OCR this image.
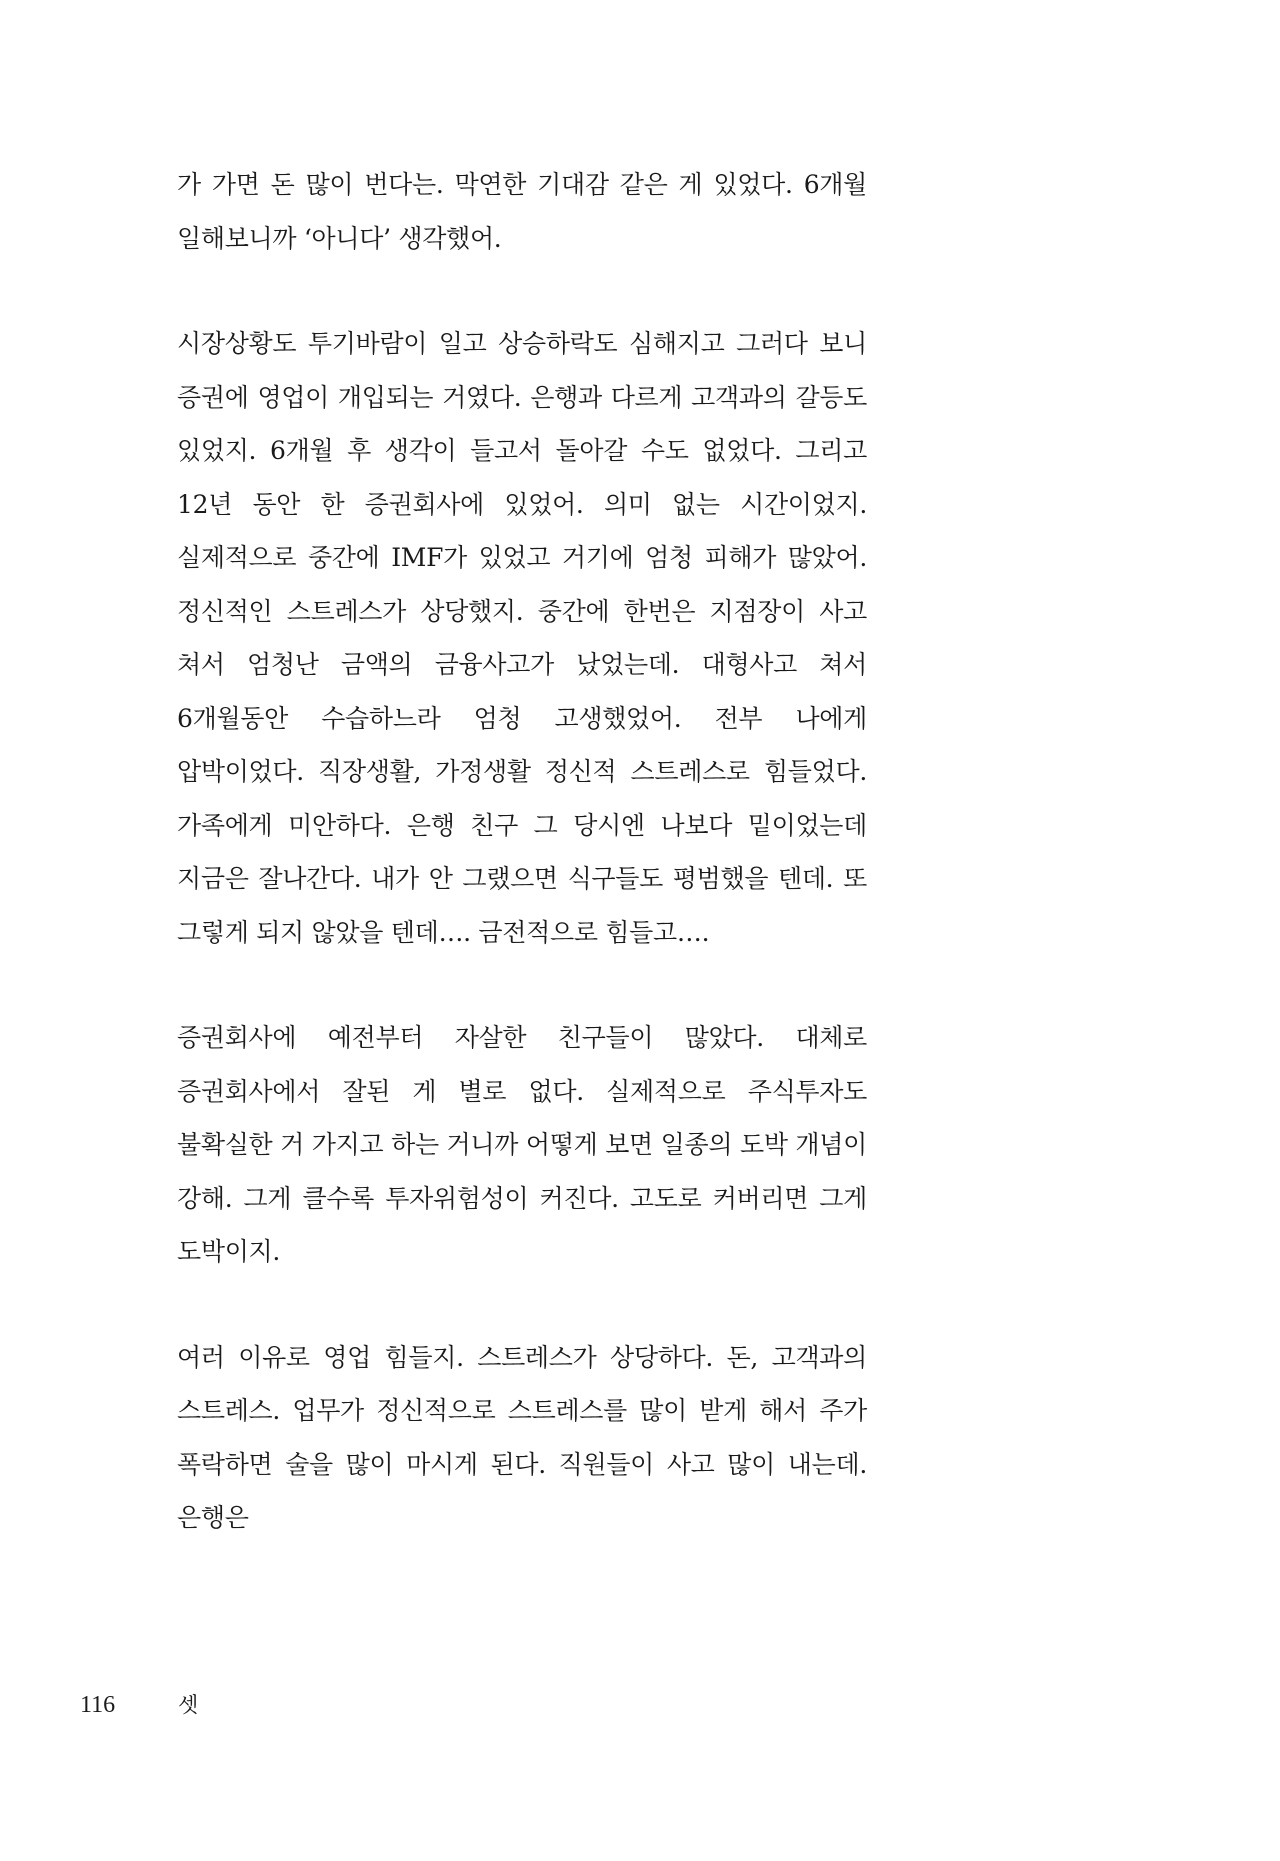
가 가면 돈 많이 번다는. 막연한 기대감 같은 게 있었다. 6개월 일해보니까 ‘아니다’ 생각했어.

시장상황도 투기바람이 일고 상승하락도 심해지고 그러다 보니 증권에 영업이 개입되는 거였다. 은행과 다르게 고객과의 갈등도 있었지. 6개월 후 생각이 들고서 돌아갈 수도 없었다. 그리고 12년 동안 한 증권회사에 있었어. 의미 없는 시간이었지. 실제적으로 중간에 IMF가 있었고 거기에 엄청 피해가 많았어. 정신적인 스트레스가 상당했지. 중간에 한번은 지점장이 사고 쳐서 엄청난 금액의 금융사고가 났었는데. 대형사고 쳐서 6개월동안 수습하느라 엄청 고생했었어. 전부 나에게 압박이었다. 직장생활, 가정생활 정신적 스트레스로 힘들었다. 가족에게 미안하다. 은행 친구 그 당시엔 나보다 밑이었는데 지금은 잘나간다. 내가 안 그랬으면 식구들도 평범했을 텐데. 또 그렇게 되지 않았을 텐데…. 금전적으로 힘들고….

증권회사에 예전부터 자살한 친구들이 많았다. 대체로 증권회사에서 잘된 게 별로 없다. 실제적으로 주식투자도 불확실한 거 가지고 하는 거니까 어떻게 보면 일종의 도박 개념이 강해. 그게 클수록 투자위험성이 커진다. 고도로 커버리면 그게 도박이지.

여러 이유로 영업 힘들지. 스트레스가 상당하다. 돈, 고객과의 스트레스. 업무가 정신적으로 스트레스를 많이 받게 해서 주가 폭락하면 술을 많이 마시게 된다. 직원들이 사고 많이 내는데. 은행은

116	셋
